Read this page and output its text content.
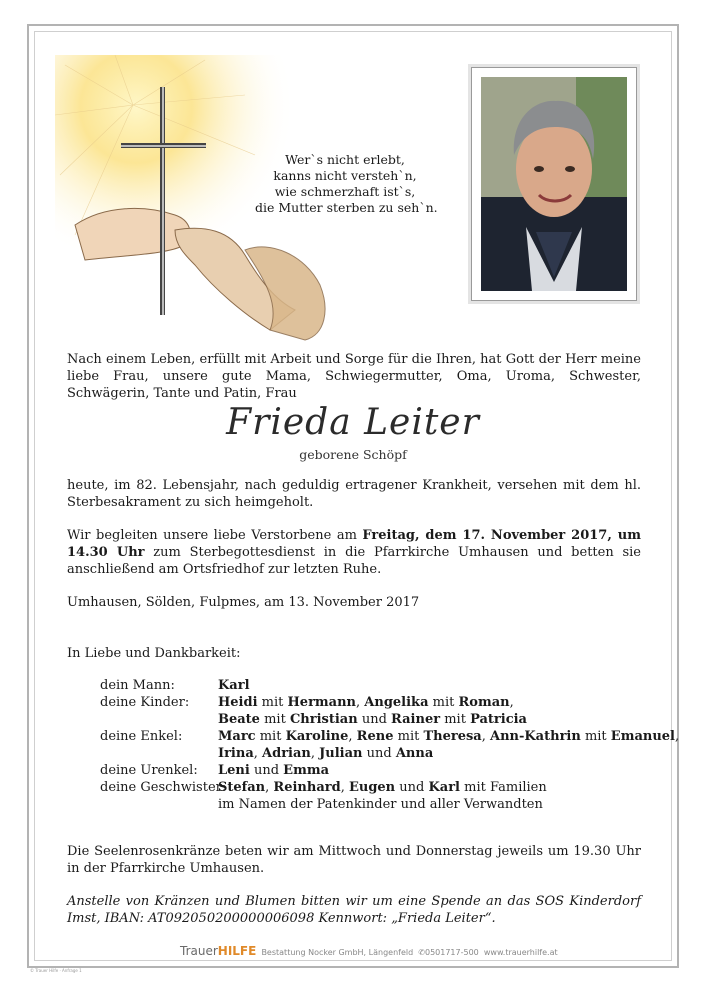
Wer`s nicht erlebt,
kanns nicht versteh`n,
wie schmerzhaft ist`s,
die Mutter sterben zu seh`n.
Nach einem Leben, erfüllt mit Arbeit und Sorge für die Ihren, hat Gott der Herr meine liebe Frau, unsere gute Mama, Schwiegermutter, Oma, Uroma, Schwester, Schwägerin, Tante und Patin, Frau
Frieda Leiter
geborene Schöpf
heute, im 82. Lebensjahr, nach geduldig ertragener Krankheit, versehen mit dem hl. Sterbesakrament zu sich heimgeholt.
Wir begleiten unsere liebe Verstorbene am Freitag, dem 17. November 2017, um 14.30 Uhr zum Sterbegottesdienst in die Pfarrkirche Umhausen und betten sie anschließend am Ortsfriedhof zur letzten Ruhe.
Umhausen, Sölden, Fulpmes, am 13. November 2017
In Liebe und Dankbarkeit:
dein Mann:	Karl
deine Kinder: Heidi mit Hermann, Angelika mit Roman,
Beate mit Christian und Rainer mit Patricia
deine Enkel:	Marc mit Karoline, Rene mit Theresa, Ann-Kathrin mit Emanuel,
Irina, Adrian, Julian und Anna
deine Urenkel: Leni und Emma
deine Geschwister:
Stefan, Reinhard, Eugen und Karl mit Familien
im Namen der Patenkinder und aller Verwandten
Die Seelenrosenkränze beten wir am Mittwoch und Donnerstag jeweils um 19.30 Uhr in der Pfarrkirche Umhausen.
Anstelle von Kränzen und Blumen bitten wir um eine Spende an das SOS Kinderdorf Imst, IBAN: AT092050200000006098 Kennwort: „Frieda Leiter“.
TrauerHILFE Bestattung Nocker GmbH, Längenfeld ✆0501717-500 www.trauerhilfe.at
© Trauer Hilfe · Anfrage 1
